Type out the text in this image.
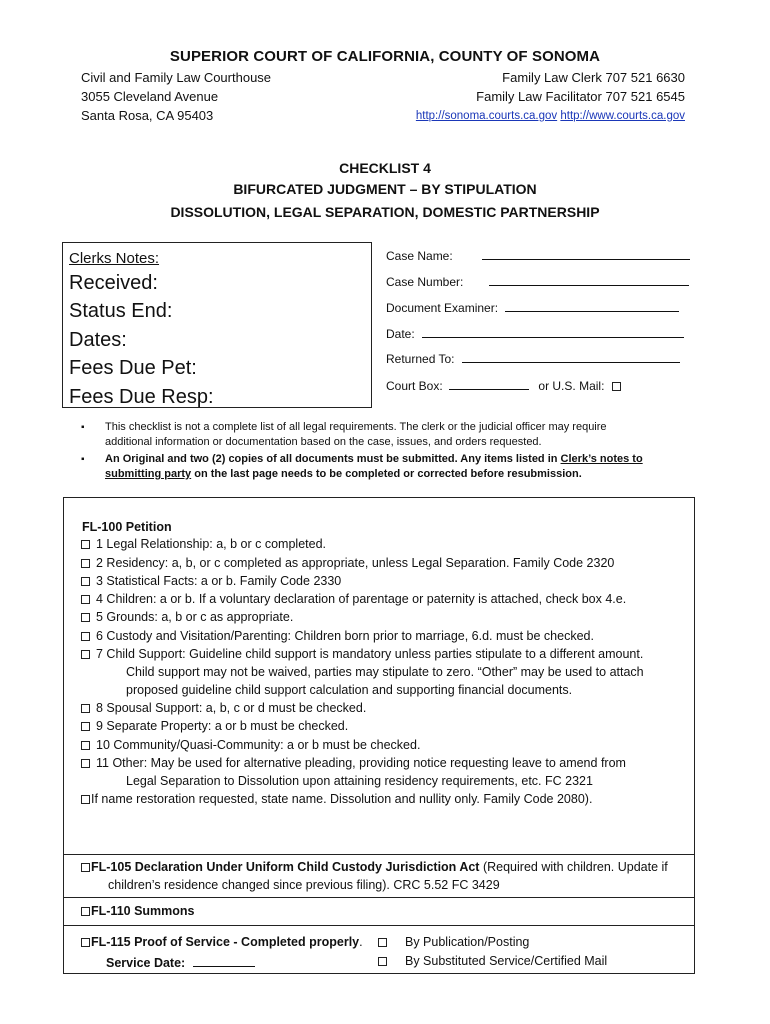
SUPERIOR COURT OF CALIFORNIA, COUNTY OF SONOMA
Civil and Family Law Courthouse
3055 Cleveland Avenue
Santa Rosa, CA 95403
Family Law Clerk 707 521 6630
Family Law Facilitator 707 521 6545
http://sonoma.courts.ca.gov http://www.courts.ca.gov
CHECKLIST 4
BIFURCATED JUDGMENT – BY STIPULATION
DISSOLUTION, LEGAL SEPARATION, DOMESTIC PARTNERSHIP
Clerks Notes:
Received:
Status End:
Dates:
Fees Due Pet:
Fees Due Resp:
Case Name:
Case Number:
Document Examiner:
Date:
Returned To:
Court Box:	or U.S. Mail:
▪ This checklist is not a complete list of all legal requirements. The clerk or the judicial officer may require
additional information or documentation based on the case, issues, and orders requested.
▪ An Original and two (2) copies of all documents must be submitted. Any items listed in Clerk’s notes to
submitting party on the last page needs to be completed or corrected before resubmission.
FL-100 Petition
1 Legal Relationship: a, b or c completed.
2 Residency: a, b, or c completed as appropriate, unless Legal Separation. Family Code 2320
3 Statistical Facts: a or b. Family Code 2330
4 Children: a or b. If a voluntary declaration of parentage or paternity is attached, check box 4.e.
5 Grounds: a, b or c as appropriate.
6 Custody and Visitation/Parenting: Children born prior to marriage, 6.d. must be checked.
7 Child Support: Guideline child support is mandatory unless parties stipulate to a different amount.
Child support may not be waived, parties may stipulate to zero. “Other” may be used to attach
proposed guideline child support calculation and supporting financial documents.
8 Spousal Support: a, b, c or d must be checked.
9 Separate Property: a or b must be checked.
10 Community/Quasi-Community: a or b must be checked.
11 Other: May be used for alternative pleading, providing notice requesting leave to amend from
Legal Separation to Dissolution upon attaining residency requirements, etc. FC 2321
If name restoration requested, state name. Dissolution and nullity only. Family Code 2080).
FL-105 Declaration Under Uniform Child Custody Jurisdiction Act (Required with children. Update if
children’s residence changed since previous filing). CRC 5.52 FC 3429
FL-110 Summons
FL-115 Proof of Service - Completed properly.
Service Date:
By Publication/Posting
By Substituted Service/Certified Mail
